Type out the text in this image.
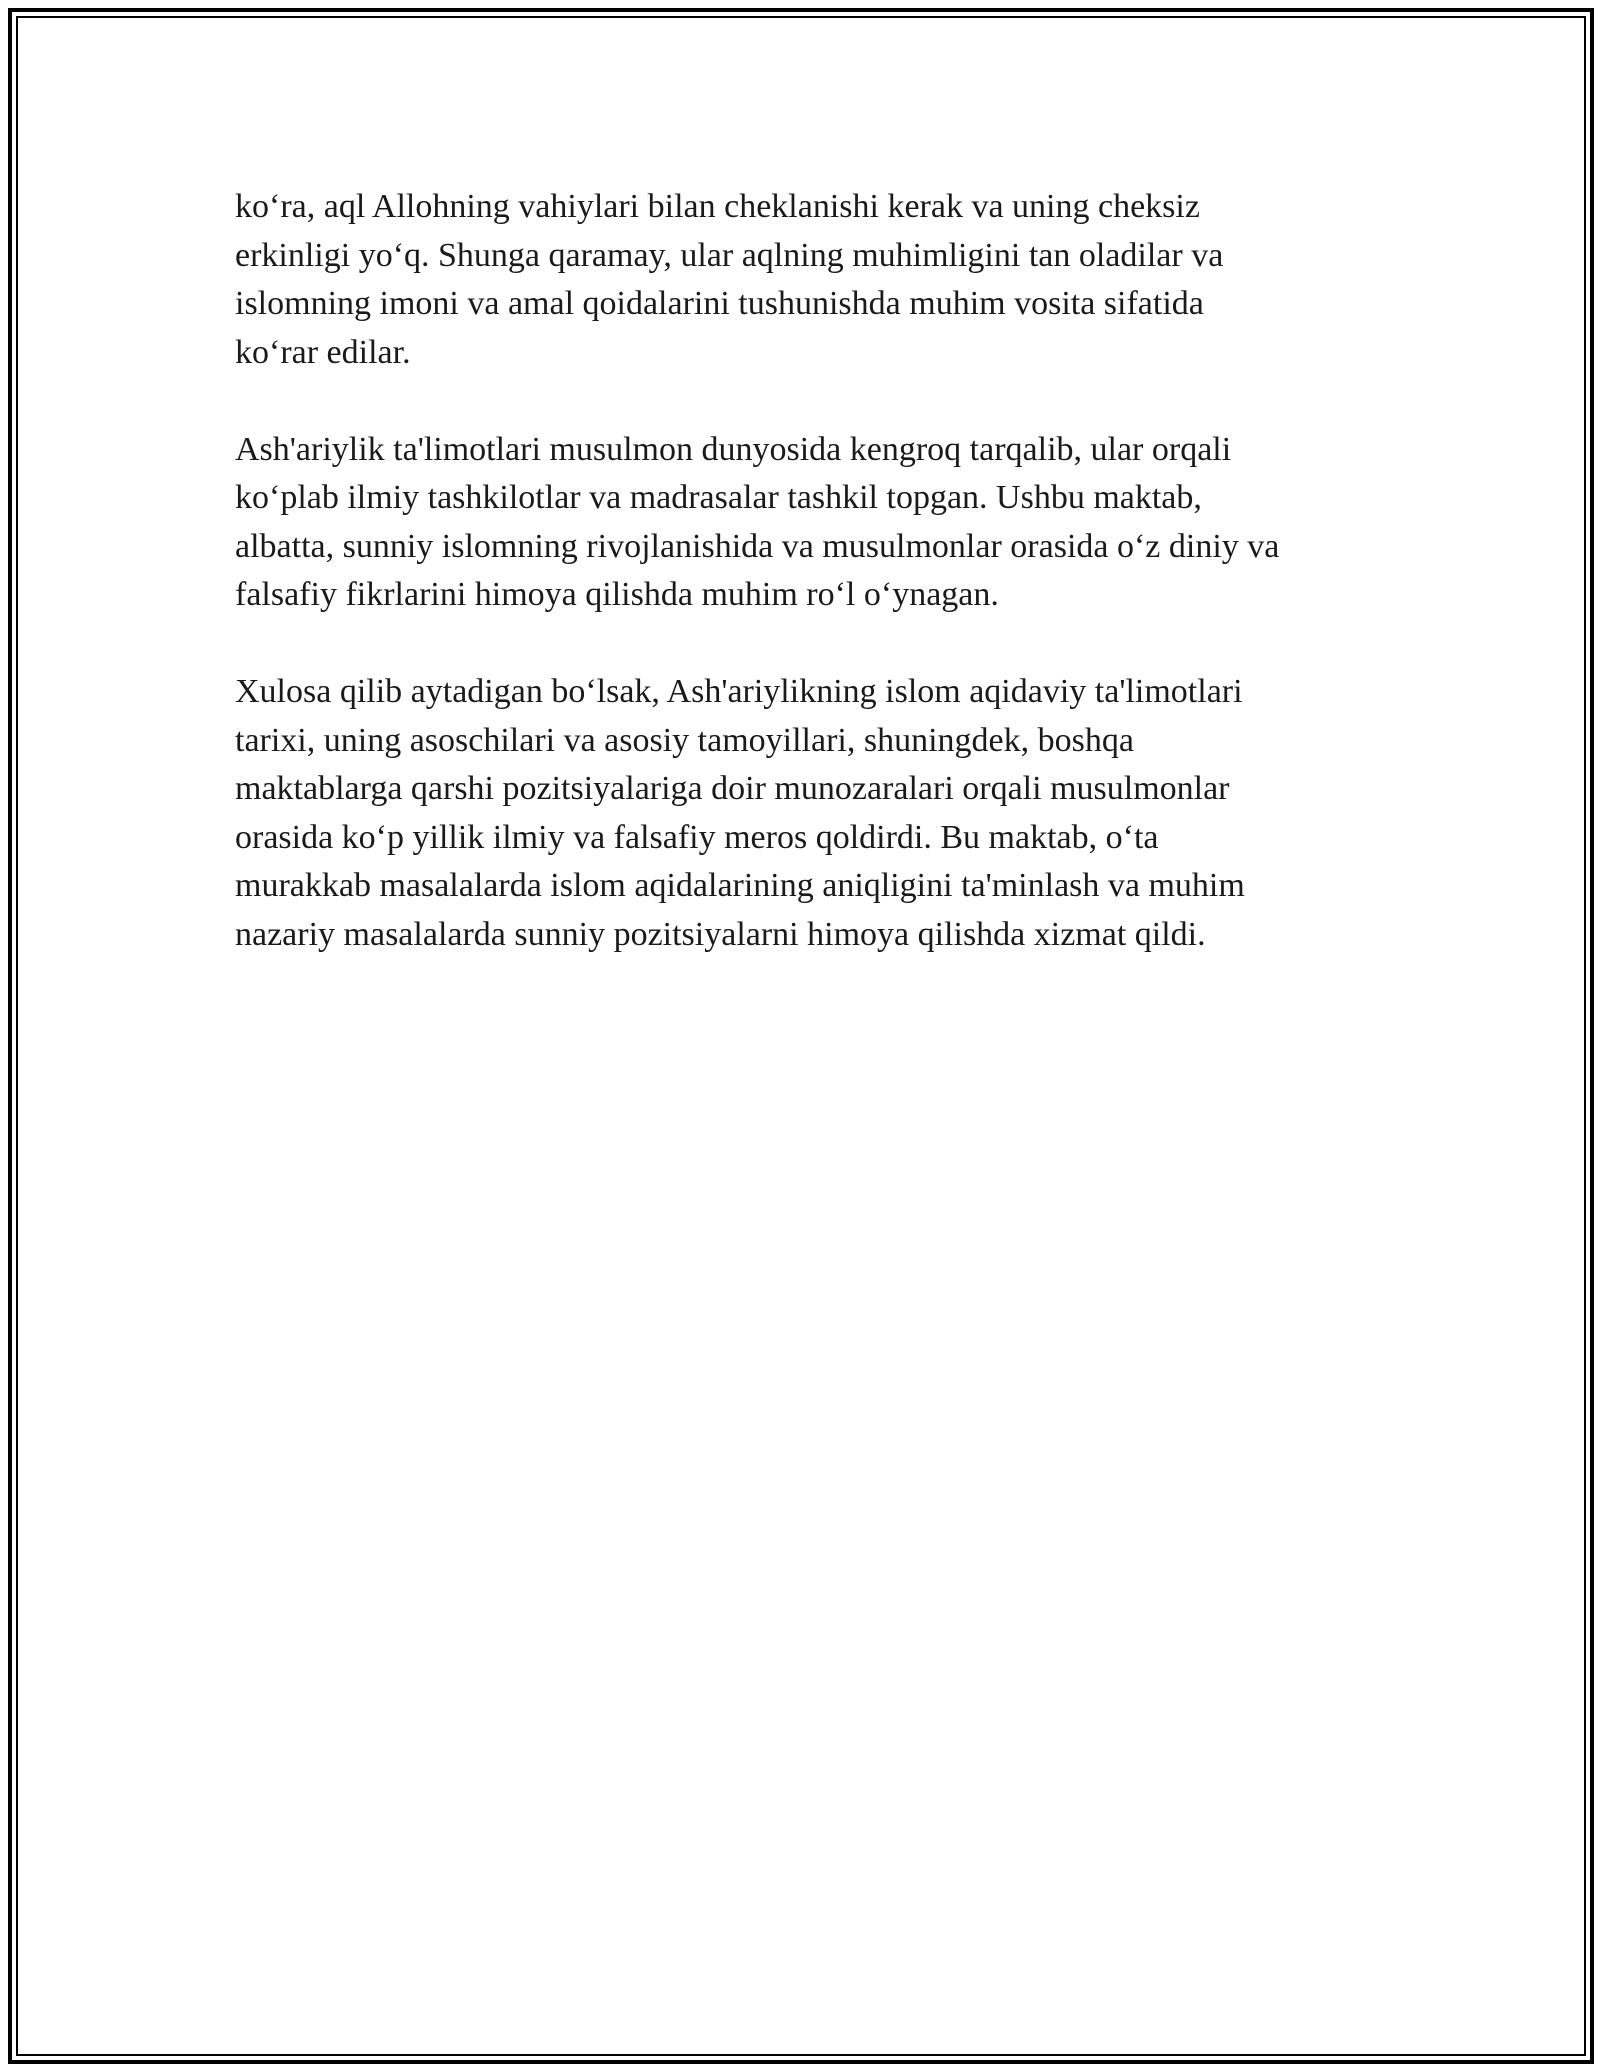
ko‘ra, aql Allohning vahiylari bilan cheklanishi kerak va uning cheksiz
erkinligi yo‘q. Shunga qaramay, ular aqlning muhimligini tan oladilar va
islomning imoni va amal qoidalarini tushunishda muhim vosita sifatida
ko‘rar edilar.

Ash'ariylik ta'limotlari musulmon dunyosida kengroq tarqalib, ular orqali
ko‘plab ilmiy tashkilotlar va madrasalar tashkil topgan. Ushbu maktab,
albatta, sunniy islomning rivojlanishida va musulmonlar orasida o‘z diniy va
falsafiy fikrlarini himoya qilishda muhim ro‘l o‘ynagan.

Xulosa qilib aytadigan bo‘lsak, Ash'ariylikning islom aqidaviy ta'limotlari
tarixi, uning asoschilari va asosiy tamoyillari, shuningdek, boshqa
maktablarga qarshi pozitsiyalariga doir munozaralari orqali musulmonlar
orasida ko‘p yillik ilmiy va falsafiy meros qoldirdi. Bu maktab, o‘ta
murakkab masalalarda islom aqidalarining aniqligini ta'minlash va muhim
nazariy masalalarda sunniy pozitsiyalarni himoya qilishda xizmat qildi.
